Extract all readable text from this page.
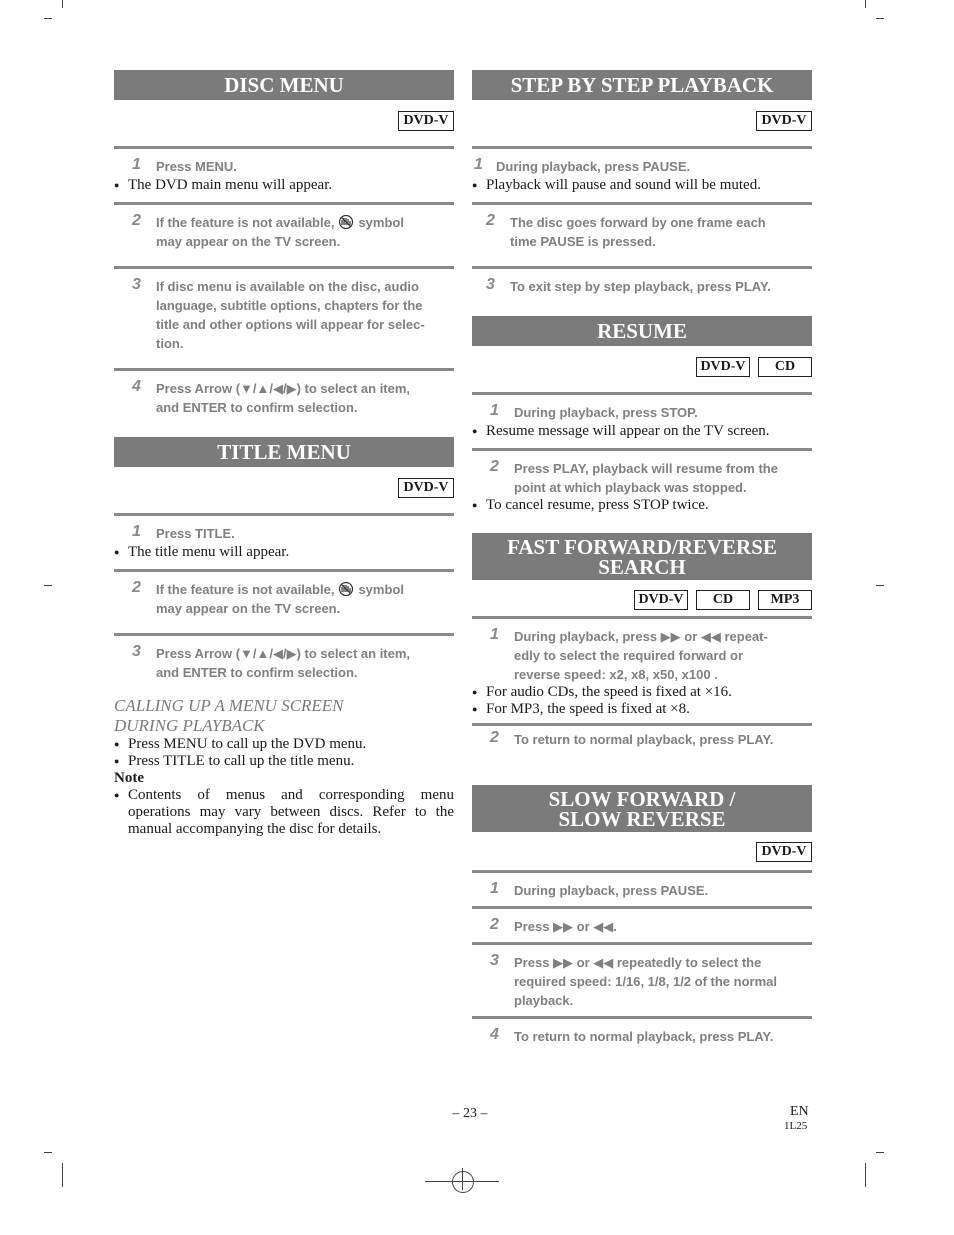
DISC MENU
DVD-V
1 Press MENU.
● The DVD main menu will appear.
2 If the feature is not available, symbol
may appear on the TV screen.
3 If disc menu is available on the disc, audio
language, subtitle options, chapters for the
title and other options will appear for selec-
tion.
4 Press Arrow (▼/▲/◀/▶) to select an item,
and ENTER to confirm selection.
TITLE MENU
DVD-V
1 Press TITLE.
● The title menu will appear.
2 If the feature is not available, symbol
may appear on the TV screen.
3 Press Arrow (▼/▲/◀/▶) to select an item,
and ENTER to confirm selection.
CALLING UP A MENU SCREEN
DURING PLAYBACK
● Press MENU to call up the DVD menu.
● Press TITLE to call up the title menu.
Note
● Contents of menus and corresponding menu operations may vary between discs. Refer to the manual accompanying the disc for details.
STEP BY STEP PLAYBACK
DVD-V
1 During playback, press PAUSE.
● Playback will pause and sound will be muted.
2 The disc goes forward by one frame each
time PAUSE is pressed.
3 To exit step by step playback, press PLAY.
RESUME
DVD-V	CD
1 During playback, press STOP.
● Resume message will appear on the TV screen.
2 Press PLAY, playback will resume from the
point at which playback was stopped.
● To cancel resume, press STOP twice.
FAST FORWARD/REVERSE
SEARCH
DVD-V	CD	MP3
1 During playback, press ▶▶ or ◀◀ repeat-
edly to select the required forward or
reverse speed: x2, x8, x50, x100 .
● For audio CDs, the speed is fixed at ×16.
● For MP3, the speed is fixed at ×8.
2 To return to normal playback, press PLAY.
SLOW FORWARD /
SLOW REVERSE
DVD-V
1 During playback, press PAUSE.
2 Press ▶▶ or ◀◀.
3 Press ▶▶ or ◀◀ repeatedly to select the
required speed: 1/16, 1/8, 1/2 of the normal
playback.
4 To return to normal playback, press PLAY.
– 23 –	EN
1L25
